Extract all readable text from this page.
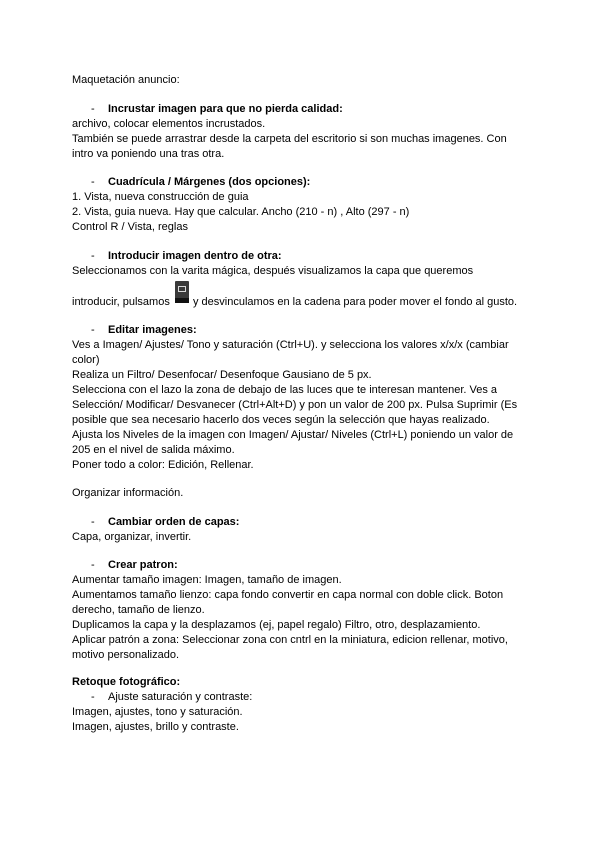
Maquetación anuncio:
- Incrustar imagen para que no pierda calidad:
archivo, colocar elementos incrustados.
También se puede arrastrar desde la carpeta del escritorio si son muchas imagenes. Con
intro va poniendo una tras otra.
- Cuadrícula / Márgenes (dos opciones):
1. Vista, nueva construcción de guia
2. Vista, guia nueva. Hay que calcular. Ancho (210 - n) , Alto (297 - n)
Control R / Vista, reglas
- Introducir imagen dentro de otra:
Seleccionamos con la varita mágica, después visualizamos la capa que queremos
introducir, pulsamos y desvinculamos en la cadena para poder mover el fondo al gusto.
- Editar imagenes:
Ves a Imagen/ Ajustes/ Tono y saturación (Ctrl+U). y selecciona los valores x/x/x (cambiar
color)
Realiza un Filtro/ Desenfocar/ Desenfoque Gausiano de 5 px.
Selecciona con el lazo la zona de debajo de las luces que te interesan mantener. Ves a
Selección/ Modificar/ Desvanecer (Ctrl+Alt+D) y pon un valor de 200 px. Pulsa Suprimir (Es
posible que sea necesario hacerlo dos veces según la selección que hayas realizado.
Ajusta los Niveles de la imagen con Imagen/ Ajustar/ Niveles (Ctrl+L) poniendo un valor de
205 en el nivel de salida máximo.
Poner todo a color: Edición, Rellenar.
Organizar información.
- Cambiar orden de capas:
Capa, organizar, invertir.
- Crear patron:
Aumentar tamaño imagen: Imagen, tamaño de imagen.
Aumentamos tamaño lienzo: capa fondo convertir en capa normal con doble click. Boton
derecho, tamaño de lienzo.
Duplicamos la capa y la desplazamos (ej, papel regalo) Filtro, otro, desplazamiento.
Aplicar patrón a zona: Seleccionar zona con cntrl en la miniatura, edicion rellenar, motivo,
motivo personalizado.
Retoque fotográfico:
- Ajuste saturación y contraste:
Imagen, ajustes, tono y saturación.
Imagen, ajustes, brillo y contraste.
